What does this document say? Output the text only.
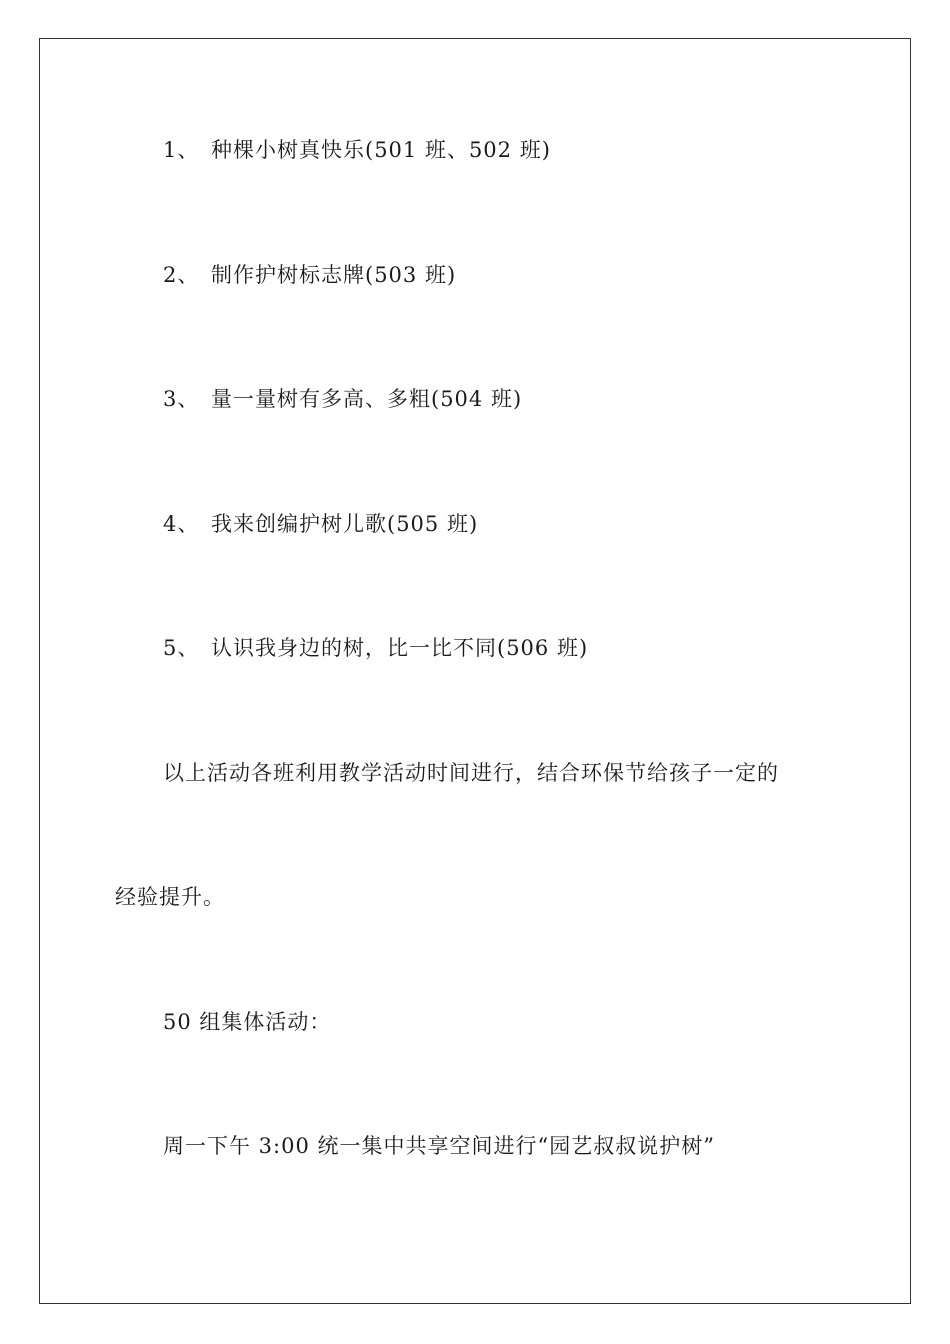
1、 种棵小树真快乐(501 班、502 班)
2、 制作护树标志牌(503 班)
3、 量一量树有多高、多粗(504 班)
4、 我来创编护树儿歌(505 班)
5、 认识我身边的树，比一比不同(506 班)
以上活动各班利用教学活动时间进行，结合环保节给孩子一定的
经验提升。
50 组集体活动：
周一下午 3:00 统一集中共享空间进行“园艺叔叔说护树”
